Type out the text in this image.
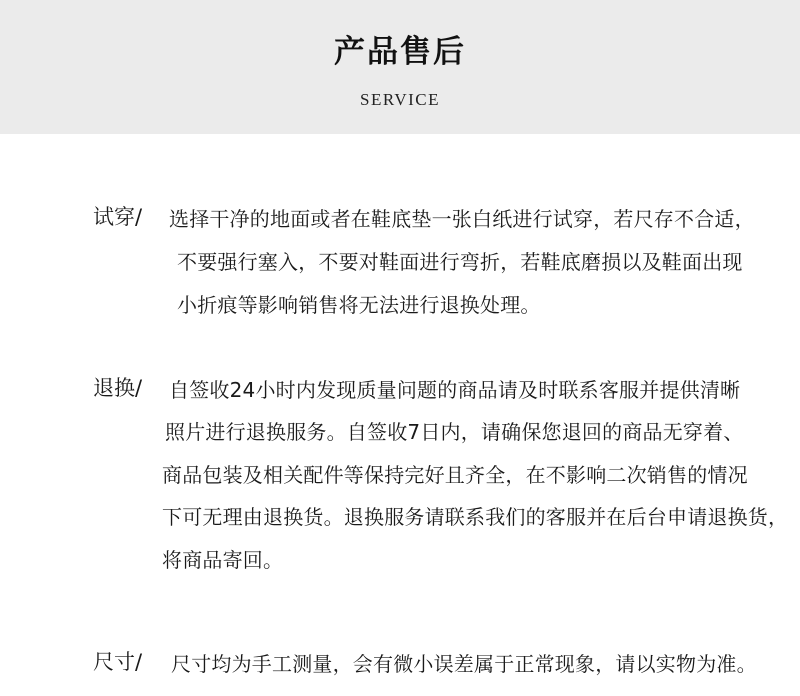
产品售后
SERVICE
试穿/ 选择干净的地面或者在鞋底垫一张白纸进行试穿，若尺存不合适，
不要强行塞入，不要对鞋面进行弯折，若鞋底磨损以及鞋面出现
小折痕等影响销售将无法进行退换处理。
退换/ 自签收24小时内发现质量问题的商品请及时联系客服并提供清晰
照片进行退换服务。自签收7日内，请确保您退回的商品无穿着、
商品包装及相关配件等保持完好且齐全，在不影响二次销售的情况
下可无理由退换货。退换服务请联系我们的客服并在后台申请退换货，
将商品寄回。
尺寸/ 尺寸均为手工测量，会有微小误差属于正常现象，请以实物为准。
